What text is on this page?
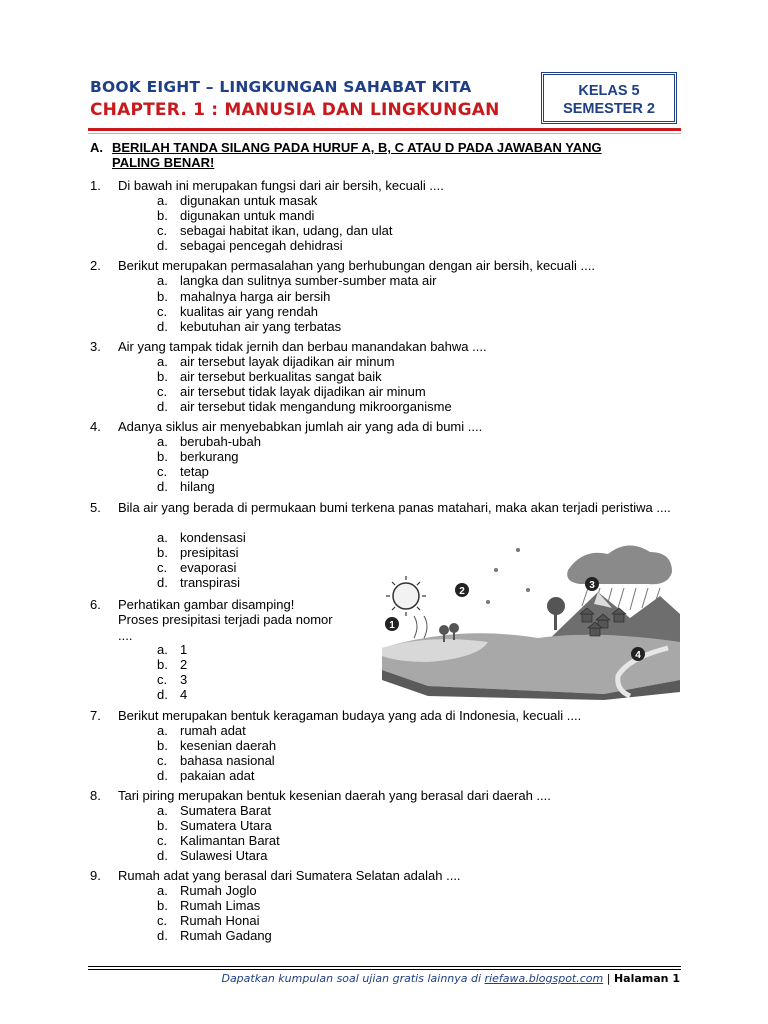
BOOK EIGHT – LINGKUNGAN SAHABAT KITA
CHAPTER. 1 : MANUSIA DAN LINGKUNGAN
KELAS 5
SEMESTER 2
A. BERILAH TANDA SILANG PADA HURUF A, B, C ATAU D PADA JAWABAN YANG PALING BENAR!
1. Di bawah ini merupakan fungsi dari air bersih, kecuali ....
a. digunakan untuk masak
b. digunakan untuk mandi
c. sebagai habitat ikan, udang, dan ulat
d. sebagai pencegah dehidrasi
2. Berikut merupakan permasalahan yang berhubungan dengan air bersih, kecuali ....
a. langka dan sulitnya sumber-sumber mata air
b. mahalnya harga air bersih
c. kualitas air yang rendah
d. kebutuhan air yang terbatas
3. Air yang tampak tidak jernih dan berbau manandakan bahwa ....
a. air tersebut layak dijadikan air minum
b. air tersebut berkualitas sangat baik
c. air tersebut tidak layak dijadikan air minum
d. air tersebut tidak mengandung mikroorganisme
4. Adanya siklus air menyebabkan jumlah air yang ada di bumi ....
a. berubah-ubah
b. berkurang
c. tetap
d. hilang
5. Bila air yang berada di permukaan bumi terkena panas matahari, maka akan terjadi peristiwa ....
a. kondensasi
b. presipitasi
c. evaporasi
d. transpirasi
6. Perhatikan gambar disamping! Proses presipitasi terjadi pada nomor ....
a. 1
b. 2
c. 3
d. 4
1
2
3
4
7. Berikut merupakan bentuk keragaman budaya yang ada di Indonesia, kecuali ....
a. rumah adat
b. kesenian daerah
c. bahasa nasional
d. pakaian adat
8. Tari piring merupakan bentuk kesenian daerah yang berasal dari daerah ....
a. Sumatera Barat
b. Sumatera Utara
c. Kalimantan Barat
d. Sulawesi Utara
9. Rumah adat yang berasal dari Sumatera Selatan adalah ....
a. Rumah Joglo
b. Rumah Limas
c. Rumah Honai
d. Rumah Gadang
Dapatkan kumpulan soal ujian gratis lainnya di riefawa.blogspot.com | Halaman 1
